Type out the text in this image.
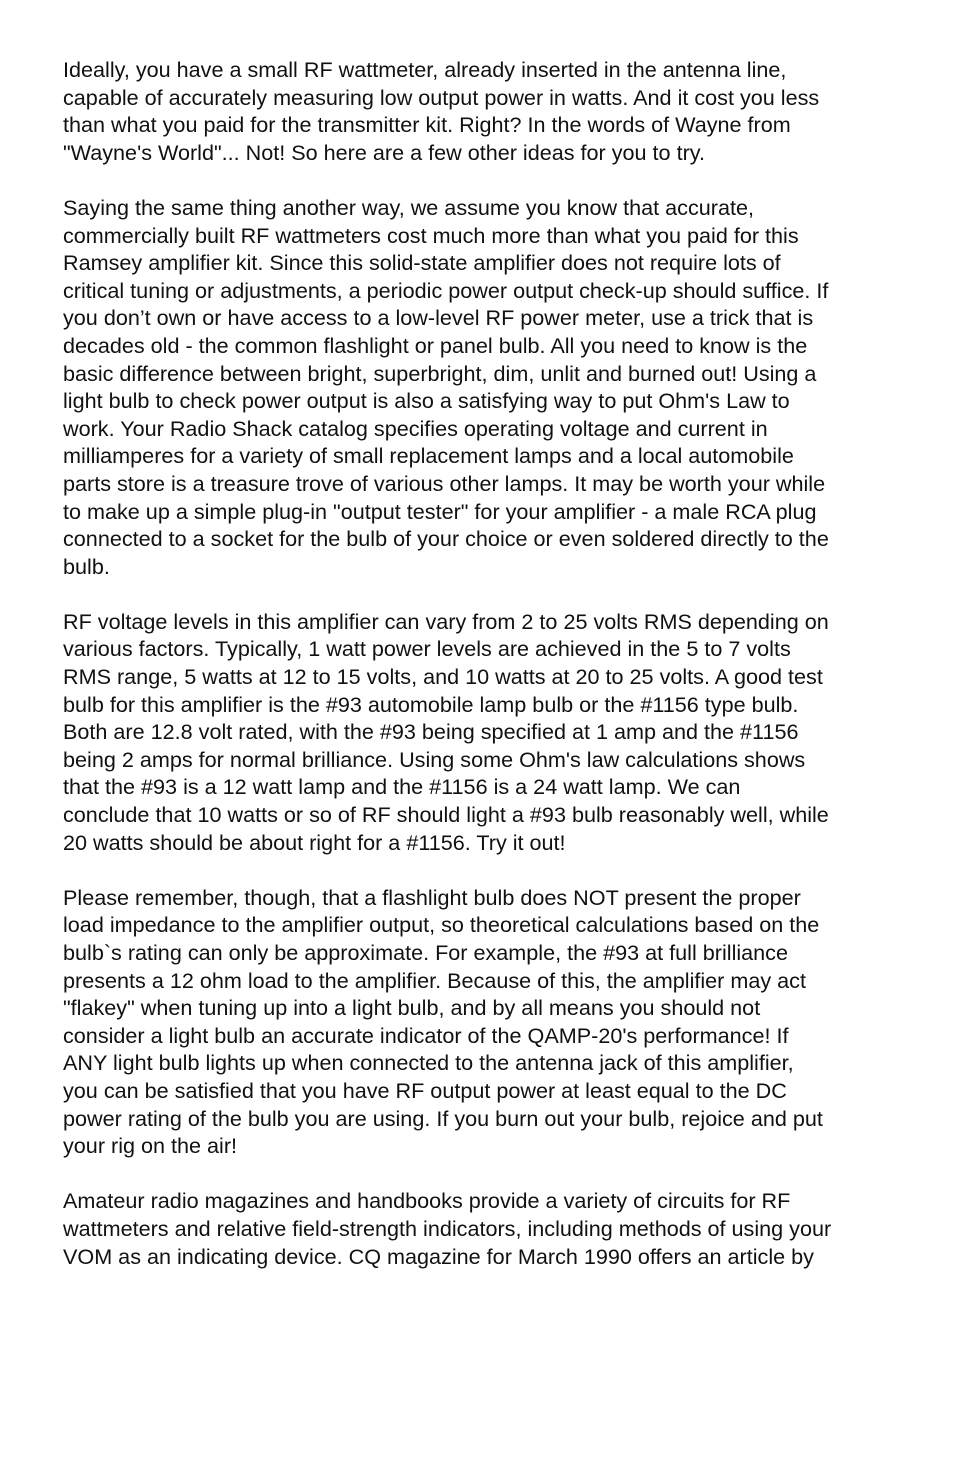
Ideally, you have a small RF wattmeter, already inserted in the antenna line,
capable of accurately measuring low output power in watts. And it cost you less
than what you paid for the transmitter kit. Right? In the words of Wayne from
"Wayne's World"... Not! So here are a few other ideas for you to try.

Saying the same thing another way, we assume you know that accurate,
commercially built RF wattmeters cost much more than what you paid for this
Ramsey amplifier kit. Since this solid-state amplifier does not require lots of
critical tuning or adjustments, a periodic power output check-up should suffice. If
you don’t own or have access to a low-level RF power meter, use a trick that is
decades old - the common flashlight or panel bulb. All you need to know is the
basic difference between bright, superbright, dim, unlit and burned out! Using a
light bulb to check power output is also a satisfying way to put Ohm's Law to
work. Your Radio Shack catalog specifies operating voltage and current in
milliamperes for a variety of small replacement lamps and a local automobile
parts store is a treasure trove of various other lamps. It may be worth your while
to make up a simple plug-in "output tester" for your amplifier - a male RCA plug
connected to a socket for the bulb of your choice or even soldered directly to the
bulb.

RF voltage levels in this amplifier can vary from 2 to 25 volts RMS depending on
various factors. Typically, 1 watt power levels are achieved in the 5 to 7 volts
RMS range, 5 watts at 12 to 15 volts, and 10 watts at 20 to 25 volts. A good test
bulb for this amplifier is the #93 automobile lamp bulb or the #1156 type bulb.
Both are 12.8 volt rated, with the #93 being specified at 1 amp and the #1156
being 2 amps for normal brilliance. Using some Ohm's law calculations shows
that the #93 is a 12 watt lamp and the #1156 is a 24 watt lamp. We can
conclude that 10 watts or so of RF should light a #93 bulb reasonably well, while
20 watts should be about right for a #1156. Try it out!

Please remember, though, that a flashlight bulb does NOT present the proper
load impedance to the amplifier output, so theoretical calculations based on the
bulb`s rating can only be approximate. For example, the #93 at full brilliance
presents a 12 ohm load to the amplifier. Because of this, the amplifier may act
"flakey" when tuning up into a light bulb, and by all means you should not
consider a light bulb an accurate indicator of the QAMP-20's performance! If
ANY light bulb lights up when connected to the antenna jack of this amplifier,
you can be satisfied that you have RF output power at least equal to the DC
power rating of the bulb you are using. If you burn out your bulb, rejoice and put
your rig on the air!

Amateur radio magazines and handbooks provide a variety of circuits for RF
wattmeters and relative field-strength indicators, including methods of using your
VOM as an indicating device. CQ magazine for March 1990 offers an article by
